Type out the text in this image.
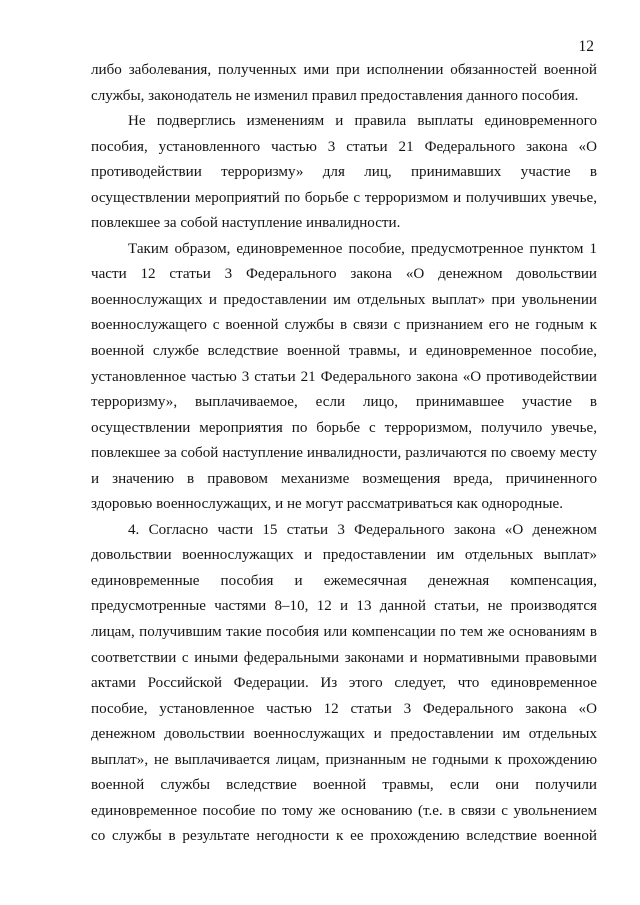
12
либо заболевания, полученных ими при исполнении обязанностей военной
службы, законодатель не изменил правил предоставления данного пособия.
Не подверглись изменениям и правила выплаты единовременного
пособия, установленного частью 3 статьи 21 Федерального закона «О
противодействии терроризму» для лиц, принимавших участие в
осуществлении мероприятий по борьбе с терроризмом и получивших увечье,
повлекшее за собой наступление инвалидности.
Таким образом, единовременное пособие, предусмотренное пунктом 1
части 12 статьи 3 Федерального закона «О денежном довольствии
военнослужащих и предоставлении им отдельных выплат» при увольнении
военнослужащего с военной службы в связи с признанием его не годным к
военной службе вследствие военной травмы, и единовременное пособие,
установленное частью 3 статьи 21 Федерального закона «О противодействии
терроризму», выплачиваемое, если лицо, принимавшее участие в
осуществлении мероприятия по борьбе с терроризмом, получило увечье,
повлекшее за собой наступление инвалидности, различаются по своему месту
и значению в правовом механизме возмещения вреда, причиненного
здоровью военнослужащих, и не могут рассматриваться как однородные.
4. Согласно части 15 статьи 3 Федерального закона «О денежном
довольствии военнослужащих и предоставлении им отдельных выплат»
единовременные пособия и ежемесячная денежная компенсация,
предусмотренные частями 8–10, 12 и 13 данной статьи, не производятся
лицам, получившим такие пособия или компенсации по тем же основаниям в
соответствии с иными федеральными законами и нормативными правовыми
актами Российской Федерации. Из этого следует, что единовременное
пособие, установленное частью 12 статьи 3 Федерального закона «О
денежном довольствии военнослужащих и предоставлении им отдельных
выплат», не выплачивается лицам, признанным не годными к прохождению
военной службы вследствие военной травмы, если они получили
единовременное пособие по тому же основанию (т.е. в связи с увольнением
со службы в результате негодности к ее прохождению вследствие военной
